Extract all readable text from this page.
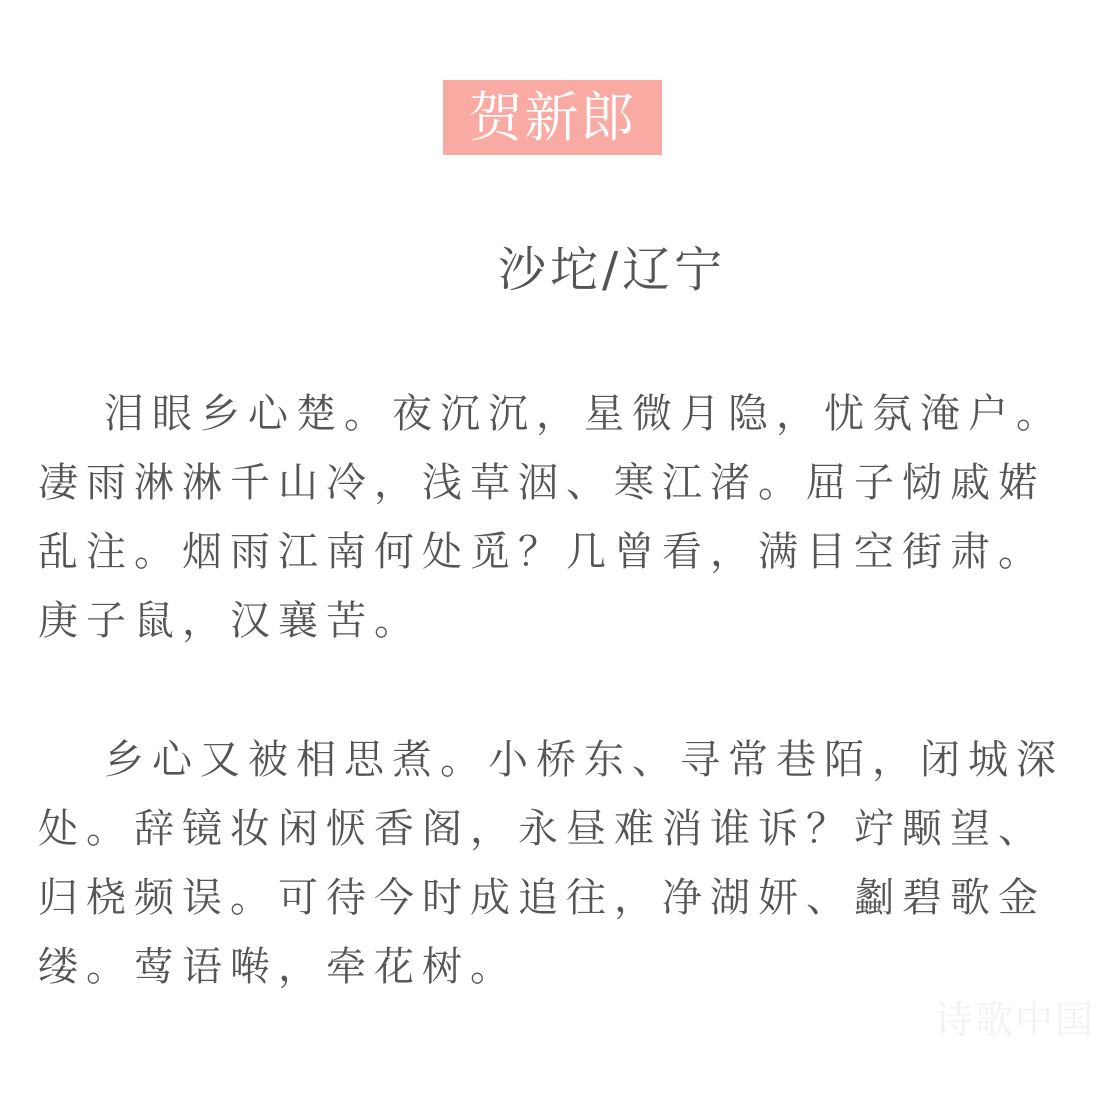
贺新郎
沙坨/辽宁
泪眼乡心楚。夜沉沉，星微月隐，忧氛淹户。
凄雨淋淋千山冷，浅草洇、寒江渚。屈子恸戚婼
乱注。烟雨江南何处觅？几曾看，满目空街肃。
庚子鼠，汉襄苦。
乡心又被相思煮。小桥东、寻常巷陌，闭城深
处。辞镜妆闲恹香阁，永昼难消谁诉？竚颙望、
归桡频误。可待今时成追往，净湖妍、劙碧歌金
缕。莺语啭，牵花树。
诗歌中国
